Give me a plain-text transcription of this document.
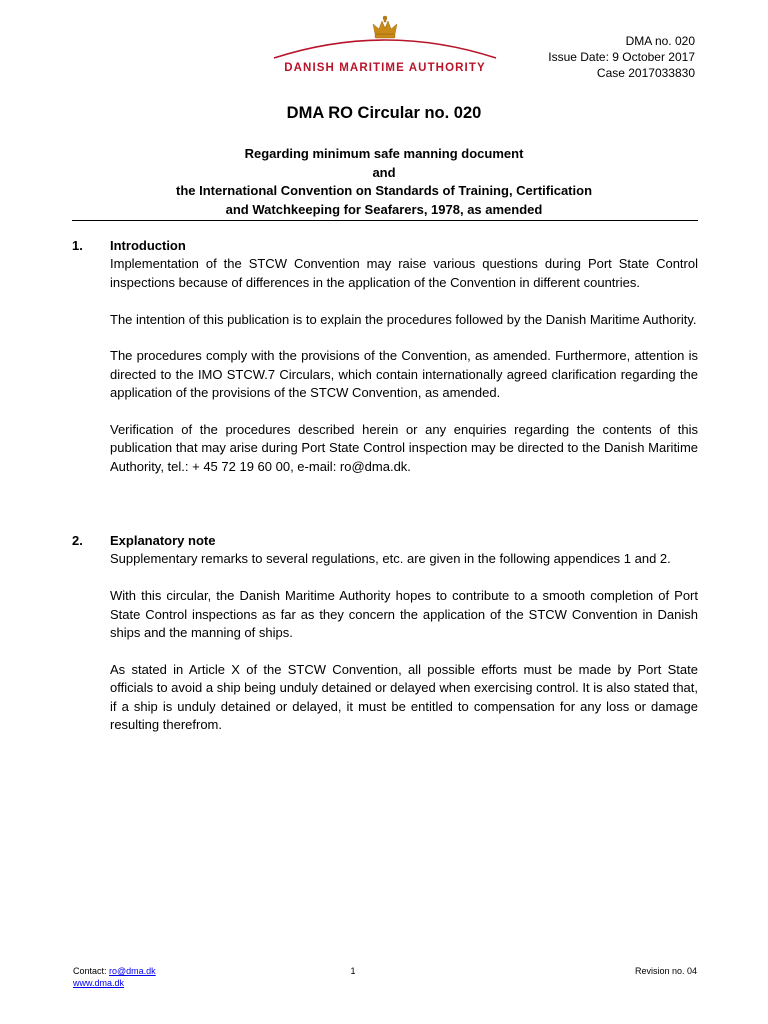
DANISH MARITIME AUTHORITY
DMA no. 020
Issue Date: 9 October 2017
Case 2017033830
DMA RO Circular no. 020
Regarding minimum safe manning document
and
the International Convention on Standards of Training, Certification
and Watchkeeping for Seafarers, 1978, as amended
1. Introduction

Implementation of the STCW Convention may raise various questions during Port State Control inspections because of differences in the application of the Convention in different countries.

The intention of this publication is to explain the procedures followed by the Danish Maritime Authority.

The procedures comply with the provisions of the Convention, as amended. Furthermore, attention is directed to the IMO STCW.7 Circulars, which contain internationally agreed clarification regarding the application of the provisions of the STCW Convention, as amended.

Verification of the procedures described herein or any enquiries regarding the contents of this publication that may arise during Port State Control inspection may be directed to the Danish Maritime Authority, tel.: + 45 72 19 60 00, e-mail: ro@dma.dk.

2. Explanatory note

Supplementary remarks to several regulations, etc. are given in the following appendices 1 and 2.

With this circular, the Danish Maritime Authority hopes to contribute to a smooth completion of Port State Control inspections as far as they concern the application of the STCW Convention in Danish ships and the manning of ships.

As stated in Article X of the STCW Convention, all possible efforts must be made by Port State officials to avoid a ship being unduly detained or delayed when exercising control. It is also stated that, if a ship is unduly detained or delayed, it must be entitled to compensation for any loss or damage resulting therefrom.

Contact: ro@dma.dk
www.dma.dk
1	Revision no. 04
